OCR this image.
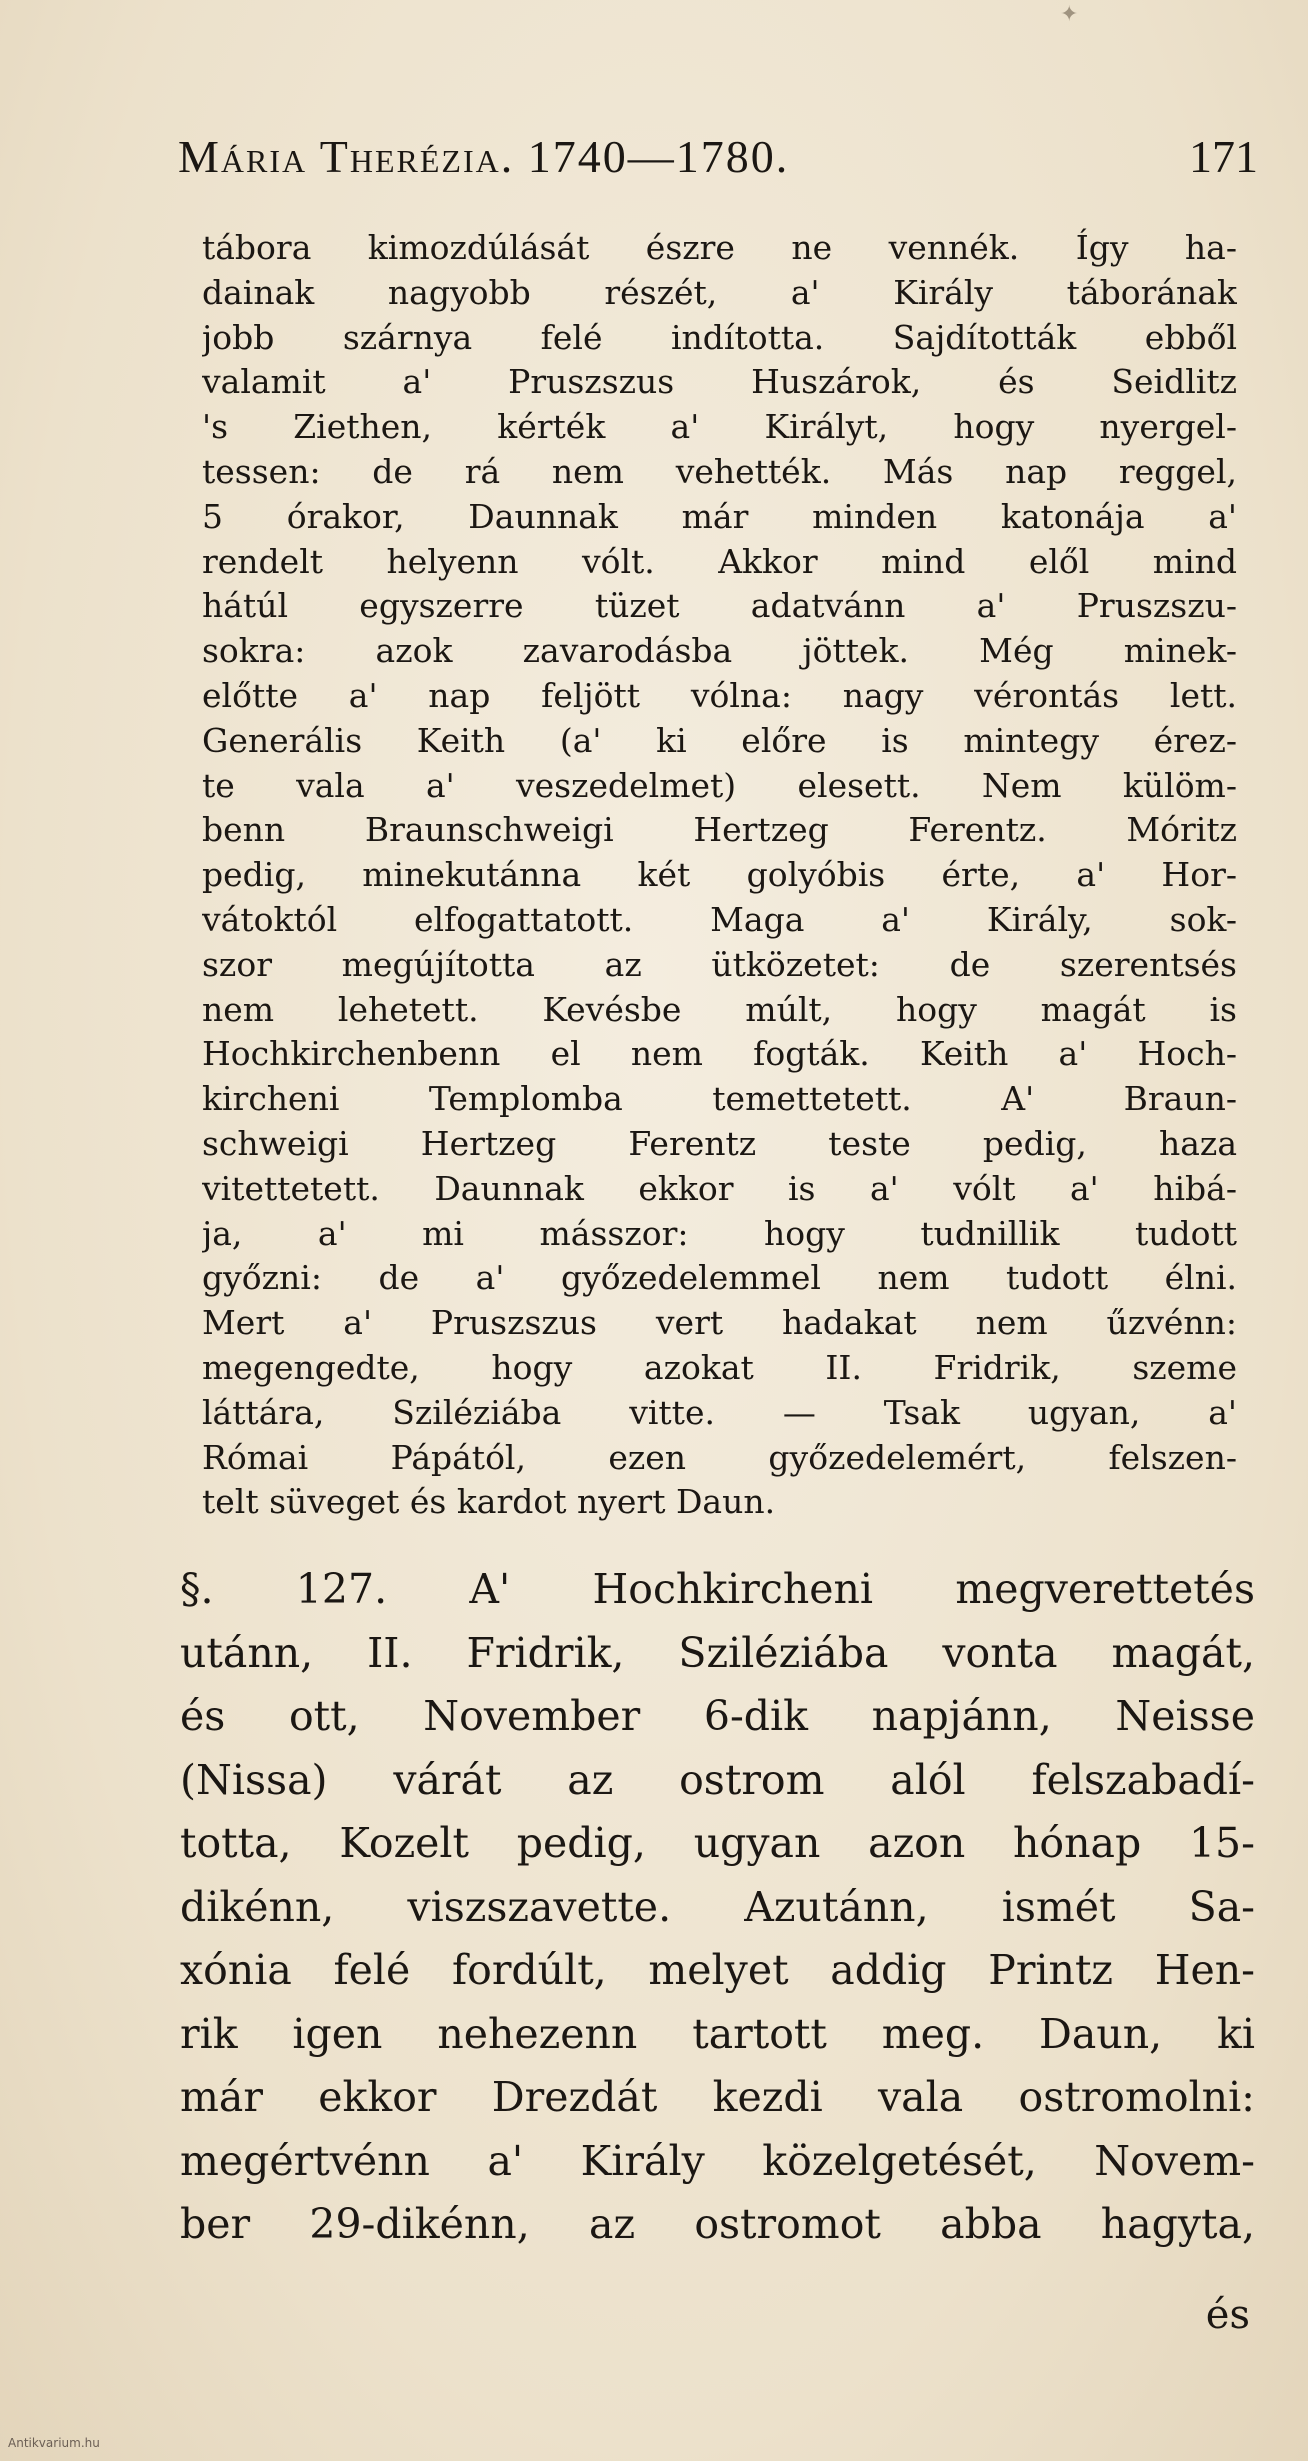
✦
Mária Therézia. 1740—1780.	171
tábora kimozdúlását észre ne vennék. Így ha-
dainak nagyobb részét, a' Király táborának
jobb szárnya felé indította. Sajdították ebből
valamit a' Pruszszus Huszárok, és Seidlitz
's Ziethen, kérték a' Királyt, hogy nyergel-
tessen: de rá nem vehették. Más nap reggel,
5 órakor, Daunnak már minden katonája a'
rendelt helyenn vólt. Akkor mind elől mind
hátúl egyszerre tüzet adatvánn a' Pruszszu-
sokra: azok zavarodásba jöttek. Még minek-
előtte a' nap feljött vólna: nagy vérontás lett.
Generális Keith (a' ki előre is mintegy érez-
te vala a' veszedelmet) elesett. Nem külöm-
benn Braunschweigi Hertzeg Ferentz. Móritz
pedig, minekutánna két golyóbis érte, a' Hor-
vátoktól elfogattatott. Maga a' Király, sok-
szor megújította az ütközetet: de szerentsés
nem lehetett. Kevésbe múlt, hogy magát is
Hochkirchenbenn el nem fogták. Keith a' Hoch-
kircheni Templomba temettetett. A' Braun-
schweigi Hertzeg Ferentz teste pedig, haza
vitettetett. Daunnak ekkor is a' vólt a' hibá-
ja, a' mi másszor: hogy tudnillik tudott
győzni: de a' győzedelemmel nem tudott élni.
Mert a' Pruszszus vert hadakat nem űzvénn:
megengedte, hogy azokat II. Fridrik, szeme
láttára, Sziléziába vitte. — Tsak ugyan, a'
Római Pápától, ezen győzedelemért, felszen-
telt süveget és kardot nyert Daun.
§. 127. A' Hochkircheni megverettetés
utánn, II. Fridrik, Sziléziába vonta magát,
és ott, November 6-dik napjánn, Neisse
(Nissa) várát az ostrom alól felszabadí-
totta, Kozelt pedig, ugyan azon hónap 15-
dikénn, viszszavette. Azutánn, ismét Sa-
xónia felé fordúlt, melyet addig Printz Hen-
rik igen nehezenn tartott meg. Daun, ki
már ekkor Drezdát kezdi vala ostromolni:
megértvénn a' Király közelgetését, Novem-
ber 29-dikénn, az ostromot abba hagyta,
és
Antikvarium.hu
